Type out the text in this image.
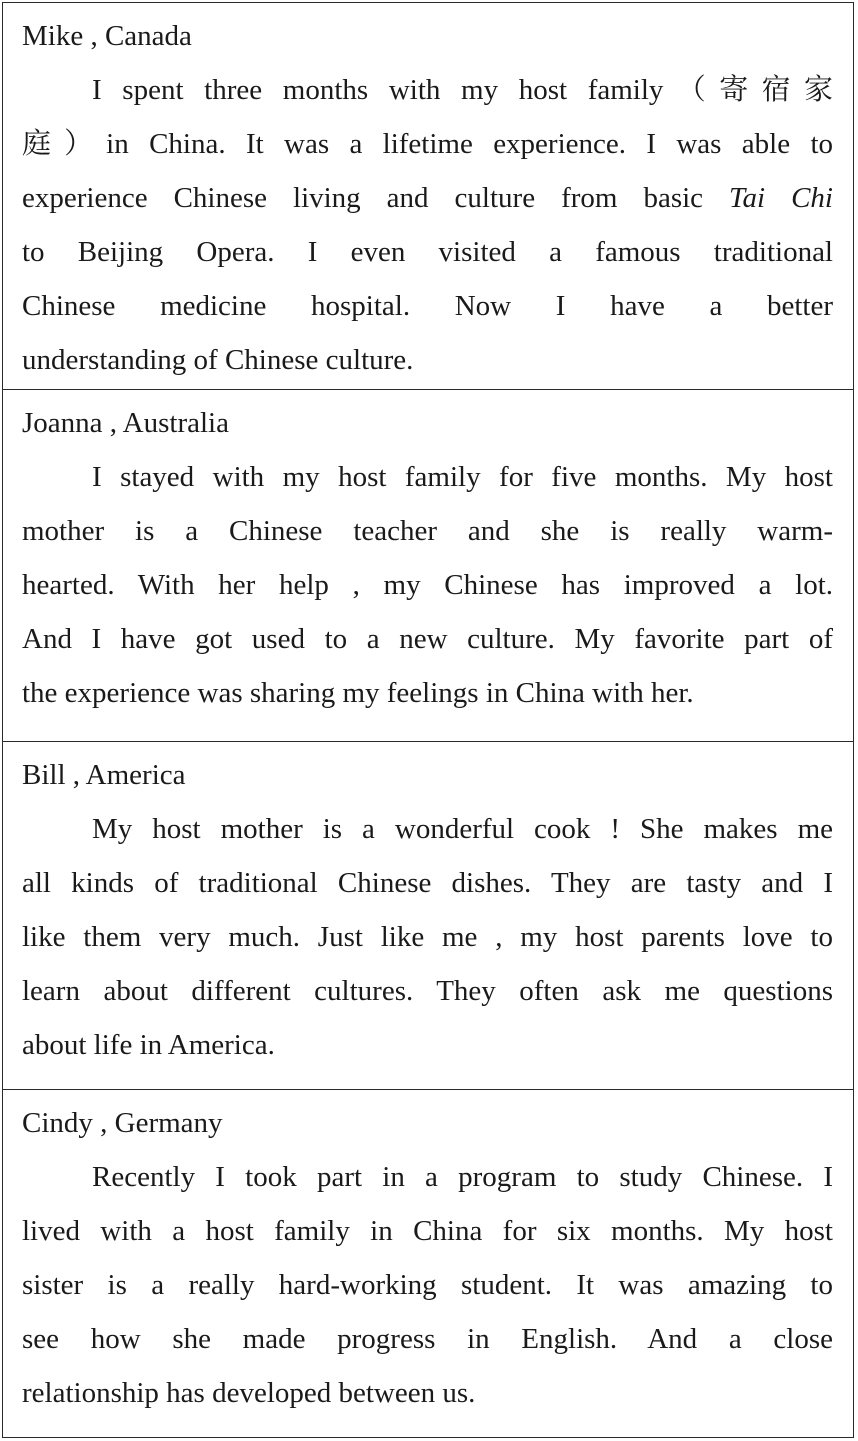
Mike , Canada
I spent three months with my host family（寄宿家
庭）in China. It was a lifetime experience. I was able to
experience Chinese living and culture from basic Tai Chi
to Beijing Opera. I even visited a famous traditional
Chinese medicine hospital. Now I have a better
understanding of Chinese culture.
Joanna , Australia
I stayed with my host family for five months. My host
mother is a Chinese teacher and she is really warm-
hearted. With her help , my Chinese has improved a lot.
And I have got used to a new culture. My favorite part of
the experience was sharing my feelings in China with her.
Bill , America
My host mother is a wonderful cook ! She makes me
all kinds of traditional Chinese dishes. They are tasty and I
like them very much. Just like me , my host parents love to
learn about different cultures. They often ask me questions
about life in America.
Cindy , Germany
Recently I took part in a program to study Chinese. I
lived with a host family in China for six months. My host
sister is a really hard-working student. It was amazing to
see how she made progress in English. And a close
relationship has developed between us.
